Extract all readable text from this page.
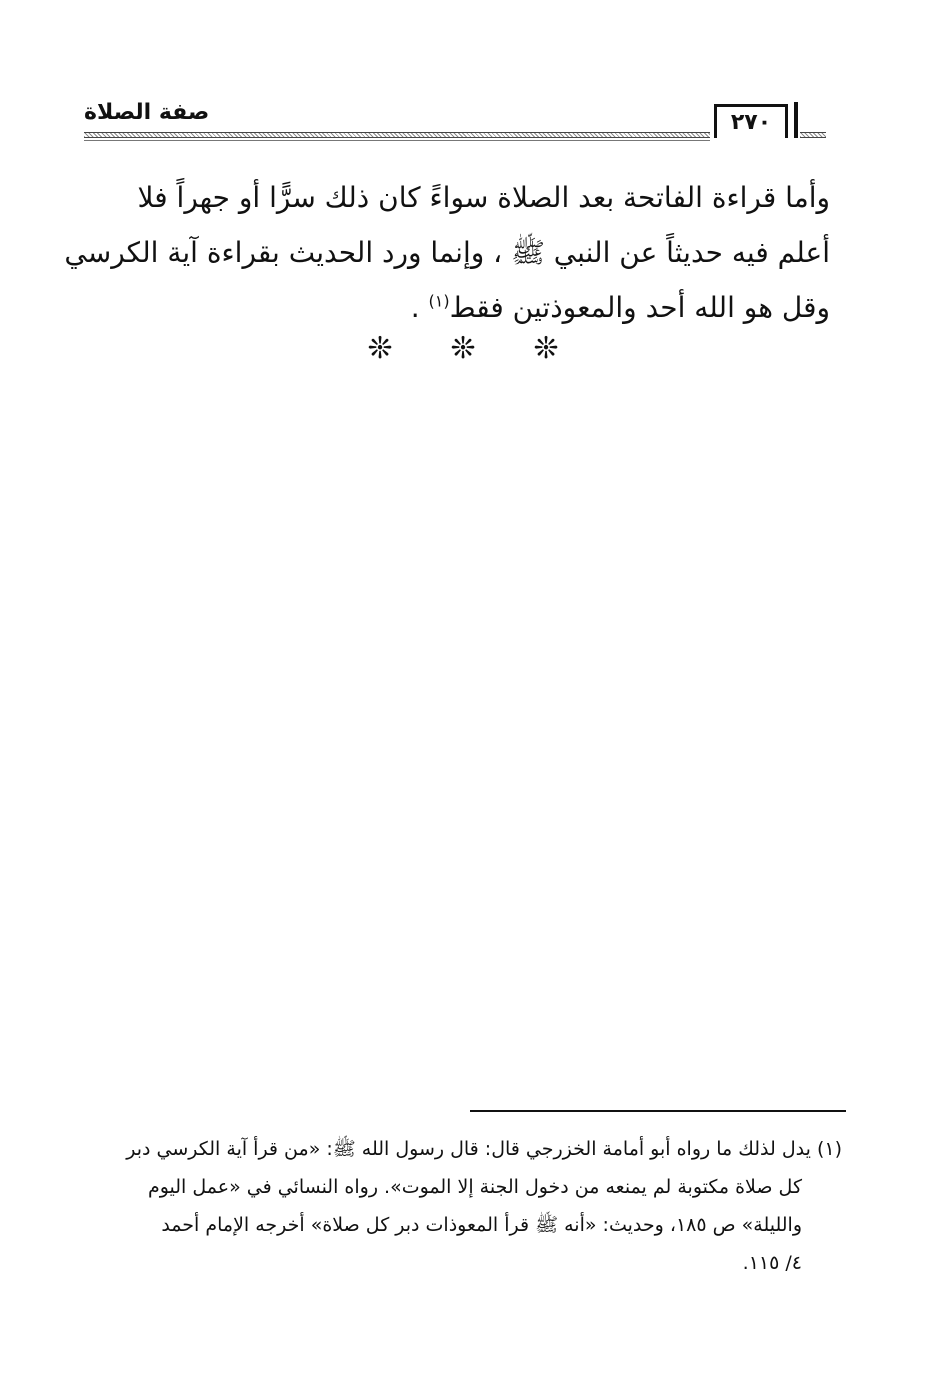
صفة الصلاة	٢٧٠
وأما قراءة الفاتحة بعد الصلاة سواءً كان ذلك سرًّا أو جهراً فلا
أعلم فيه حديثاً عن النبي ﷺ ، وإنما ورد الحديث بقراءة آية الكرسي
وقل هو الله أحد والمعوذتين فقط$^{(١)}$ .
❊ ❊ ❊
(١) يدل لذلك ما رواه أبو أمامة الخزرجي قال: قال رسول الله ﷺ: «من قرأ آية الكرسي دبر
كل صلاة مكتوبة لم يمنعه من دخول الجنة إلا الموت». رواه النسائي في «عمل اليوم
والليلة» ص ١٨٥، وحديث: «أنه ﷺ قرأ المعوذات دبر كل صلاة» أخرجه الإمام أحمد
٤/ ١١٥.
